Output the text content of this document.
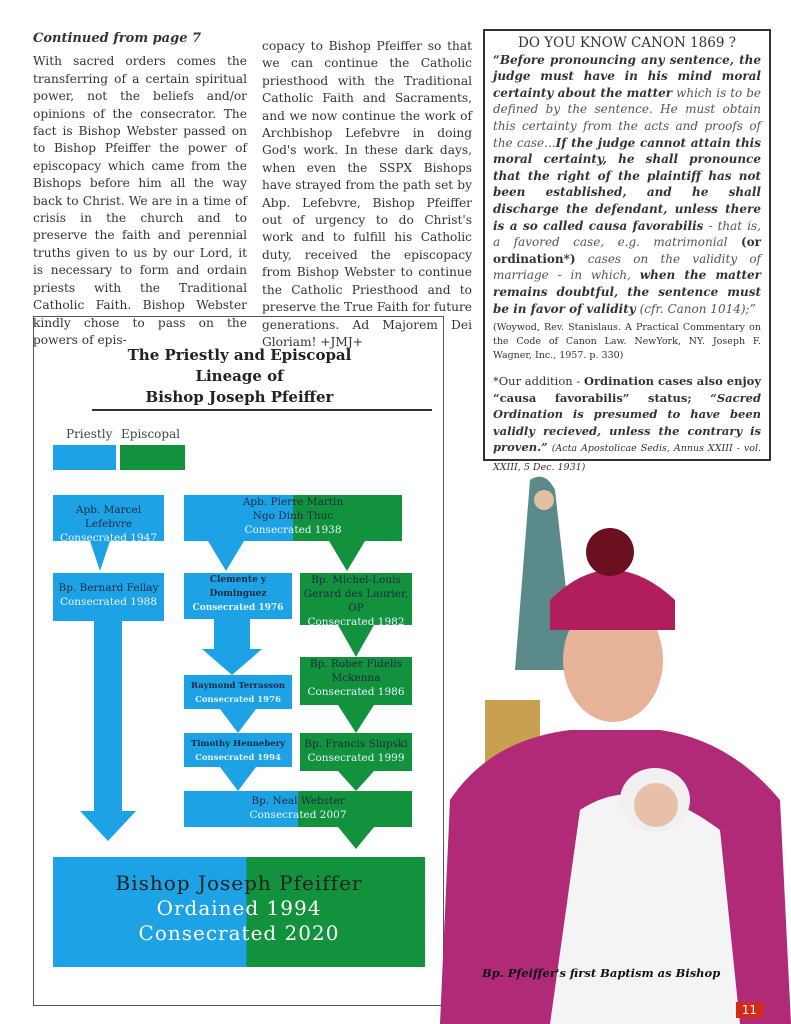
Continued from page 7
With sacred orders comes the transferring of a certain spiritual power, not the beliefs and/or opinions of the consecrator. The fact is Bishop Webster passed on to Bishop Pfeiffer the power of episcopacy which came from the Bishops before him all the way back to Christ. We are in a time of crisis in the church and to preserve the faith and perennial truths given to us by our Lord, it is necessary to form and ordain priests with the Traditional Catholic Faith. Bishop Webster kindly chose to pass on the powers of epis-
copacy to Bishop Pfeiffer so that we can continue the Catholic priesthood with the Traditional Catholic Faith and Sacraments, and we now continue the work of Archbishop Lefebvre in doing God's work. In these dark days, when even the SSPX Bishops have strayed from the path set by Abp. Lefebvre, Bishop Pfeiffer out of urgency to do Christ's work and to fulfill his Catholic duty, received the episcopacy from Bishop Webster to continue the Catholic Priesthood and to preserve the True Faith for future generations. Ad Majorem Dei Gloriam! +JMJ+
DO YOU KNOW CANON 1869 ?
“Before pronouncing any sentence, the judge must have in his mind moral certainty about the matter which is to be defined by the sentence. He must obtain this certainty from the acts and proofs of the case...If the judge cannot attain this moral certainty, he shall pronounce that the right of the plaintiff has not been established, and he shall discharge the defendant, unless there is a so called causa favorabilis - that is, a favored case, e.g. matrimonial (or ordination*) cases on the validity of marriage - in which, when the matter remains doubtful, the sentence must be in favor of validity (cfr. Canon 1014);”
(Woywod, Rev. Stanislaus. A Practical Commentary on the Code of Canon Law. NewYork, NY. Joseph F. Wagner, Inc., 1957. p. 330)
*Our addition - Ordination cases also enjoy “causa favorabilis” status; “Sacred Ordination is presumed to have been validly recieved, unless the contrary is proven.” (Acta Apostolicae Sedis, Annus XXIII - vol. XXIII, 5 Dec. 1931)
The Priestly and Episcopal
Lineage of
Bishop Joseph Pfeiffer
Priestly Episcopal
Apb. Marcel Lefebvre
Consecrated 1947
Apb. Pierre Martin Ngo Dinh Thuc
Consecrated 1938
Bp. Bernard Fellay
Consecrated 1988
Clemente y Dominguez
Consecrated 1976
Bp. Michel-Louis Gerard des Laurier, OP
Consecrated 1982
Bp. Rober Fidelis Mckenna
Consecrated 1986
Raymond Terrasson
Consecrated 1976
Timothy Hennebery
Consecrated 1994
Bp. Francis Slupski
Consecrated 1999
Bp. Neal Webster
Consecrated 2007
Bishop Joseph Pfeiffer
Ordained 1994
Consecrated 2020
Bp. Pfeiffer's first Baptism as Bishop
11
